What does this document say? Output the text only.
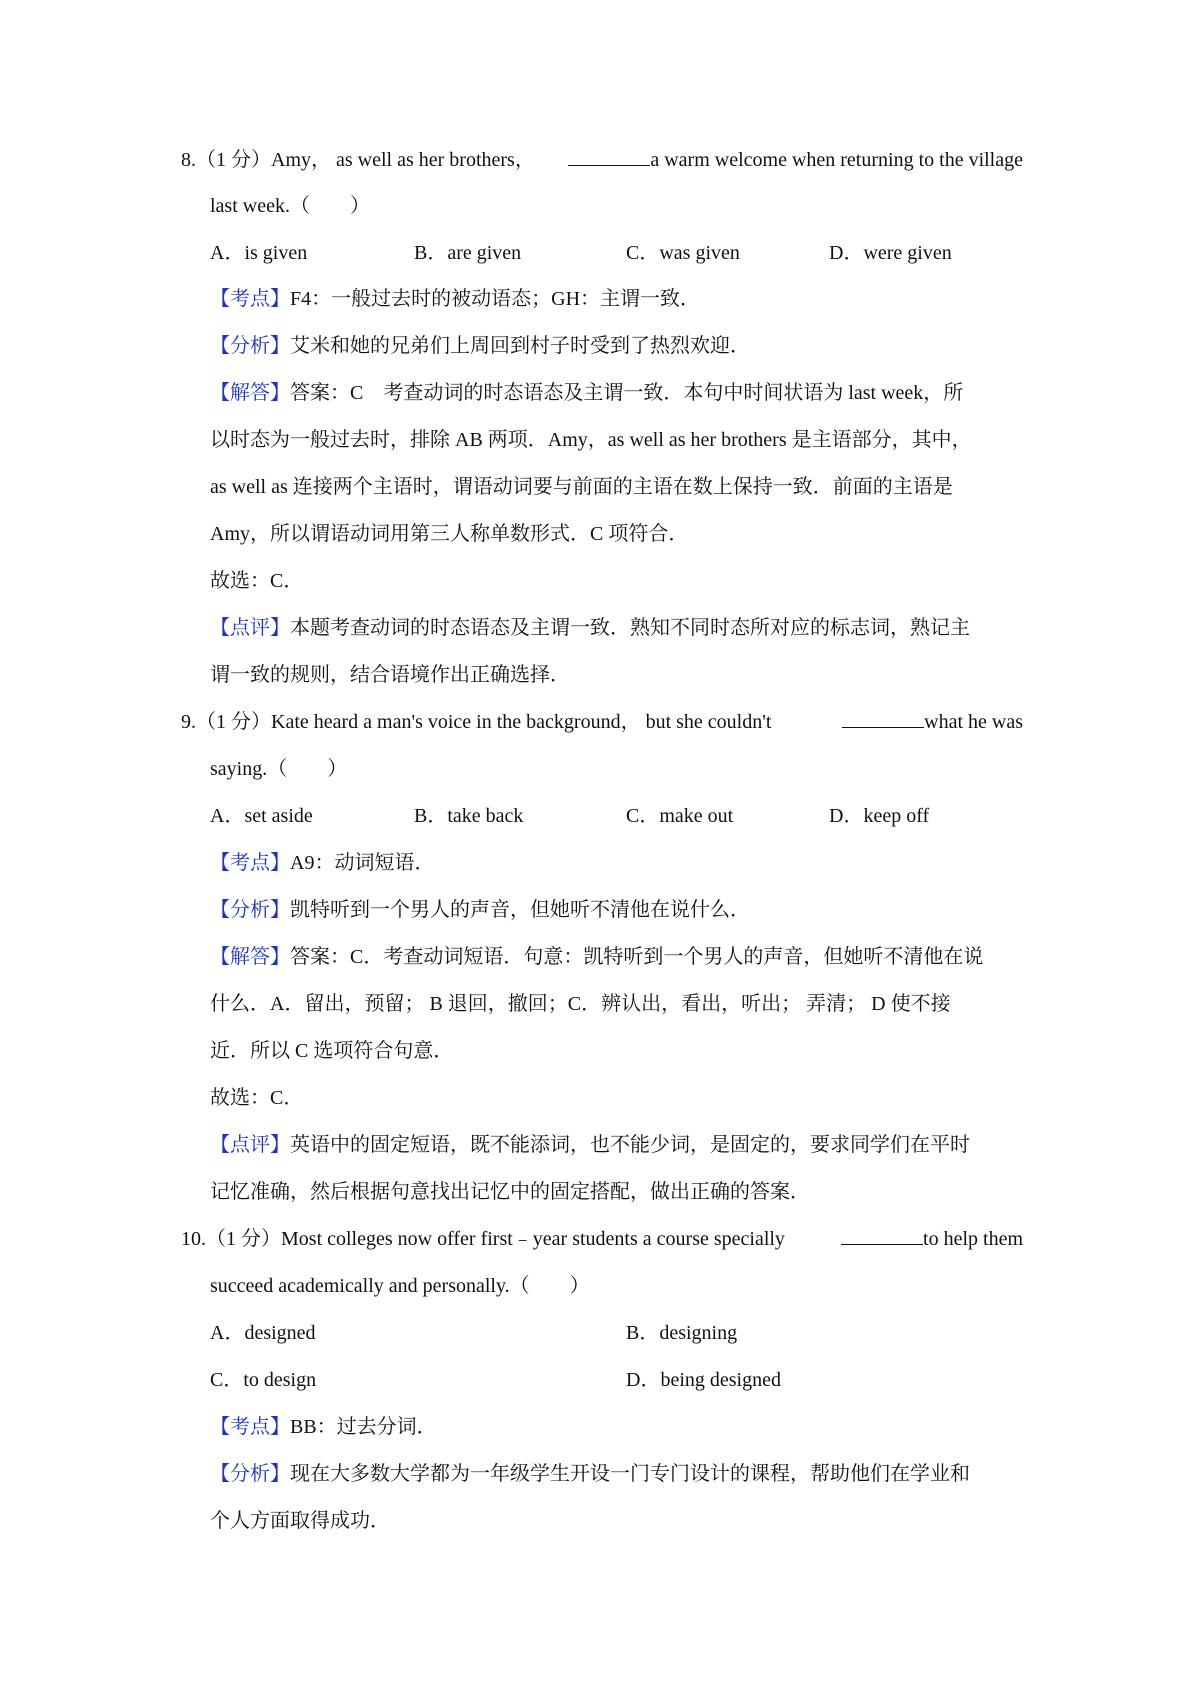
8.（1 分）Amy， as well as her brothers，	a warm welcome when returning to the village
last week.（　　）
A．is given	B．are given	C．was given	D．were given
【考点】F4：一般过去时的被动语态；GH：主谓一致．
【分析】艾米和她的兄弟们上周回到村子时受到了热烈欢迎．
【解答】答案：C　考查动词的时态语态及主谓一致．本句中时间状语为 last week，所
以时态为一般过去时，排除 AB 两项．Amy，as well as her brothers 是主语部分，其中，
as well as 连接两个主语时，谓语动词要与前面的主语在数上保持一致．前面的主语是
Amy，所以谓语动词用第三人称单数形式．C 项符合．
故选：C．
【点评】本题考查动词的时态语态及主谓一致．熟知不同时态所对应的标志词，熟记主
谓一致的规则，结合语境作出正确选择．
9.（1 分）Kate heard a man's voice in the background， but she couldn't	what he was
saying.（　　）
A．set aside	B．take back	C．make out	D．keep off
【考点】A9：动词短语．
【分析】凯特听到一个男人的声音，但她听不清他在说什么．
【解答】答案：C．考查动词短语．句意：凯特听到一个男人的声音，但她听不清他在说
什么．A．留出，预留； B 退回，撤回；C．辨认出，看出，听出； 弄清； D 使不接
近．所以 C 选项符合句意．
故选：C．
【点评】英语中的固定短语，既不能添词，也不能少词，是固定的，要求同学们在平时
记忆准确，然后根据句意找出记忆中的固定搭配，做出正确的答案．
10.（1 分）Most colleges now offer first﹣year students a course specially	to help them
succeed academically and personally.（　　）
A．designed	B．designing
C．to design	D．being designed
【考点】BB：过去分词．
【分析】现在大多数大学都为一年级学生开设一门专门设计的课程，帮助他们在学业和
个人方面取得成功．
